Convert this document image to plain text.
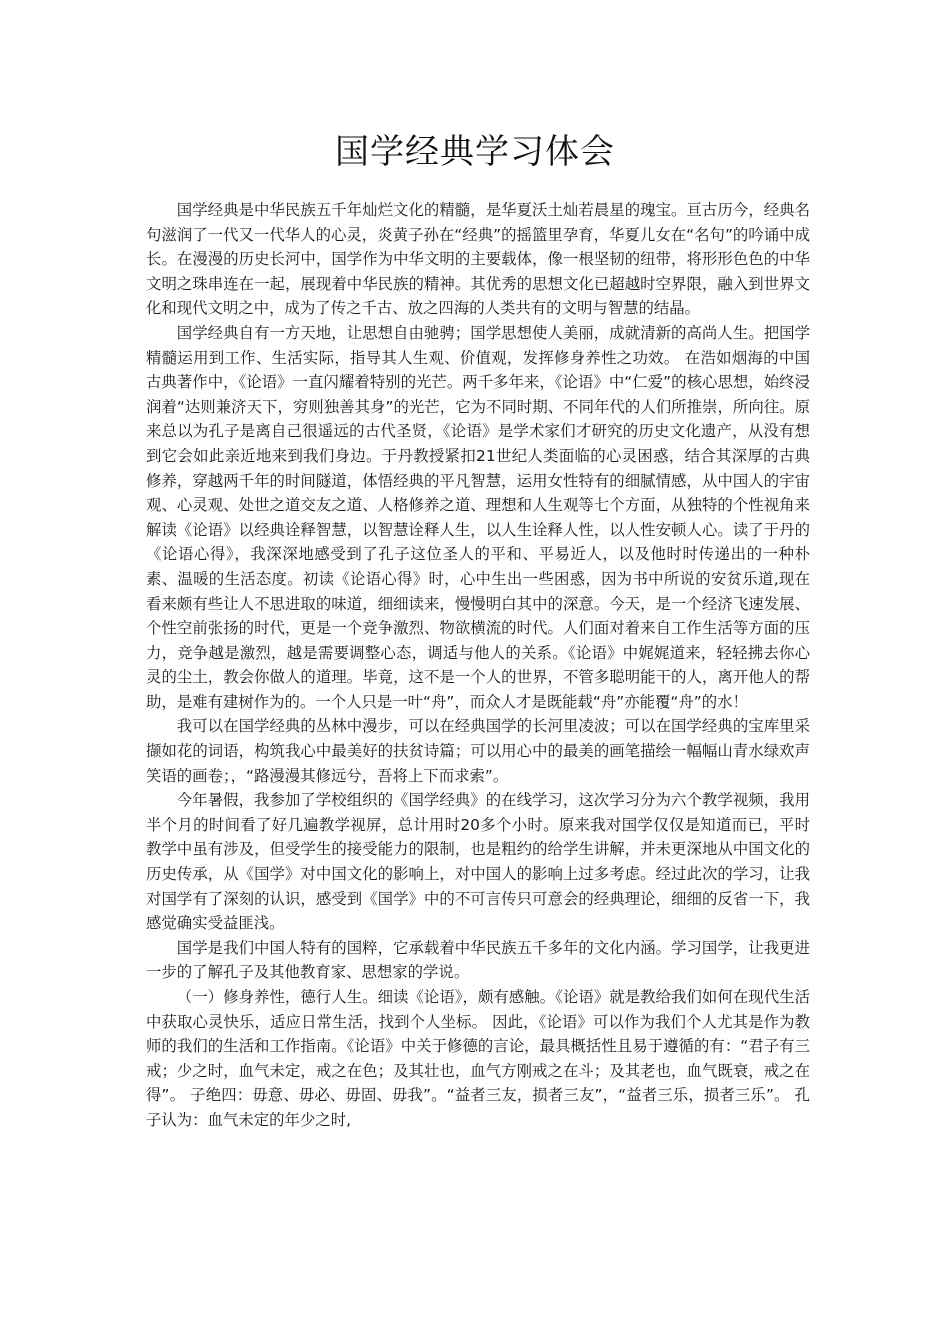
国学经典学习体会

国学经典是中华民族五千年灿烂文化的精髓，是华夏沃土灿若晨星的瑰宝。亘古历今，经典名句滋润了一代又一代华人的心灵，炎黄子孙在“经典”的摇篮里孕育，华夏儿女在“名句”的吟诵中成长。在漫漫的历史长河中，国学作为中华文明的主要载体，像一根坚韧的纽带，将形形色色的中华文明之珠串连在一起，展现着中华民族的精神。其优秀的思想文化已超越时空界限，融入到世界文化和现代文明之中，成为了传之千古、放之四海的人类共有的文明与智慧的结晶。

国学经典自有一方天地，让思想自由驰骋；国学思想使人美丽，成就清新的高尚人生。把国学精髓运用到工作、生活实际，指导其人生观、价值观，发挥修身养性之功效。 在浩如烟海的中国古典著作中，《论语》一直闪耀着特别的光芒。两千多年来，《论语》中“仁爱”的核心思想，始终浸润着“达则兼济天下，穷则独善其身”的光芒，它为不同时期、不同年代的人们所推崇，所向往。原来总以为孔子是离自己很遥远的古代圣贤，《论语》是学术家们才研究的历史文化遗产，从没有想到它会如此亲近地来到我们身边。于丹教授紧扣21世纪人类面临的心灵困惑，结合其深厚的古典修养，穿越两千年的时间隧道，体悟经典的平凡智慧，运用女性特有的细腻情感，从中国人的宇宙观、心灵观、处世之道交友之道、人格修养之道、理想和人生观等七个方面，从独特的个性视角来解读《论语》以经典诠释智慧，以智慧诠释人生，以人生诠释人性，以人性安顿人心。读了于丹的《论语心得》，我深深地感受到了孔子这位圣人的平和、平易近人，以及他时时传递出的一种朴素、温暖的生活态度。初读《论语心得》时，心中生出一些困惑，因为书中所说的安贫乐道,现在看来颇有些让人不思进取的味道，细细读来，慢慢明白其中的深意。今天，是一个经济飞速发展、个性空前张扬的时代，更是一个竞争激烈、物欲横流的时代。人们面对着来自工作生活等方面的压力，竞争越是激烈，越是需要调整心态，调适与他人的关系。《论语》中娓娓道来，轻轻拂去你心灵的尘土，教会你做人的道理。毕竟，这不是一个人的世界，不管多聪明能干的人，离开他人的帮助，是难有建树作为的。一个人只是一叶“舟”，而众人才是既能载“舟”亦能覆“舟”的水！

我可以在国学经典的丛林中漫步，可以在经典国学的长河里凌波；可以在国学经典的宝库里采撷如花的词语，构筑我心中最美好的扶贫诗篇；可以用心中的最美的画笔描绘一幅幅山青水绿欢声笑语的画卷；，“路漫漫其修远兮，吾将上下而求索”。

今年暑假，我参加了学校组织的《国学经典》的在线学习，这次学习分为六个教学视频，我用半个月的时间看了好几遍教学视屏，总计用时20多个小时。原来我对国学仅仅是知道而已，平时教学中虽有涉及，但受学生的接受能力的限制，也是粗约的给学生讲解，并未更深地从中国文化的历史传承，从《国学》对中国文化的影响上，对中国人的影响上过多考虑。经过此次的学习，让我对国学有了深刻的认识，感受到《国学》中的不可言传只可意会的经典理论，细细的反省一下，我感觉确实受益匪浅。

国学是我们中国人特有的国粹，它承载着中华民族五千多年的文化内涵。学习国学，让我更进一步的了解孔子及其他教育家、思想家的学说。

（一）修身养性，德行人生。细读《论语》，颇有感触。《论语》就是教给我们如何在现代生活中获取心灵快乐，适应日常生活，找到个人坐标。 因此，《论语》可以作为我们个人尤其是作为教师的我们的生活和工作指南。《论语》中关于修德的言论，最具概括性且易于遵循的有：“君子有三戒；少之时，血气未定，戒之在色；及其壮也，血气方刚戒之在斗；及其老也，血气既衰，戒之在得”。 子绝四：毋意、毋必、毋固、毋我”。“益者三友，损者三友”，“益者三乐，损者三乐”。 孔子认为：血气未定的年少之时,
